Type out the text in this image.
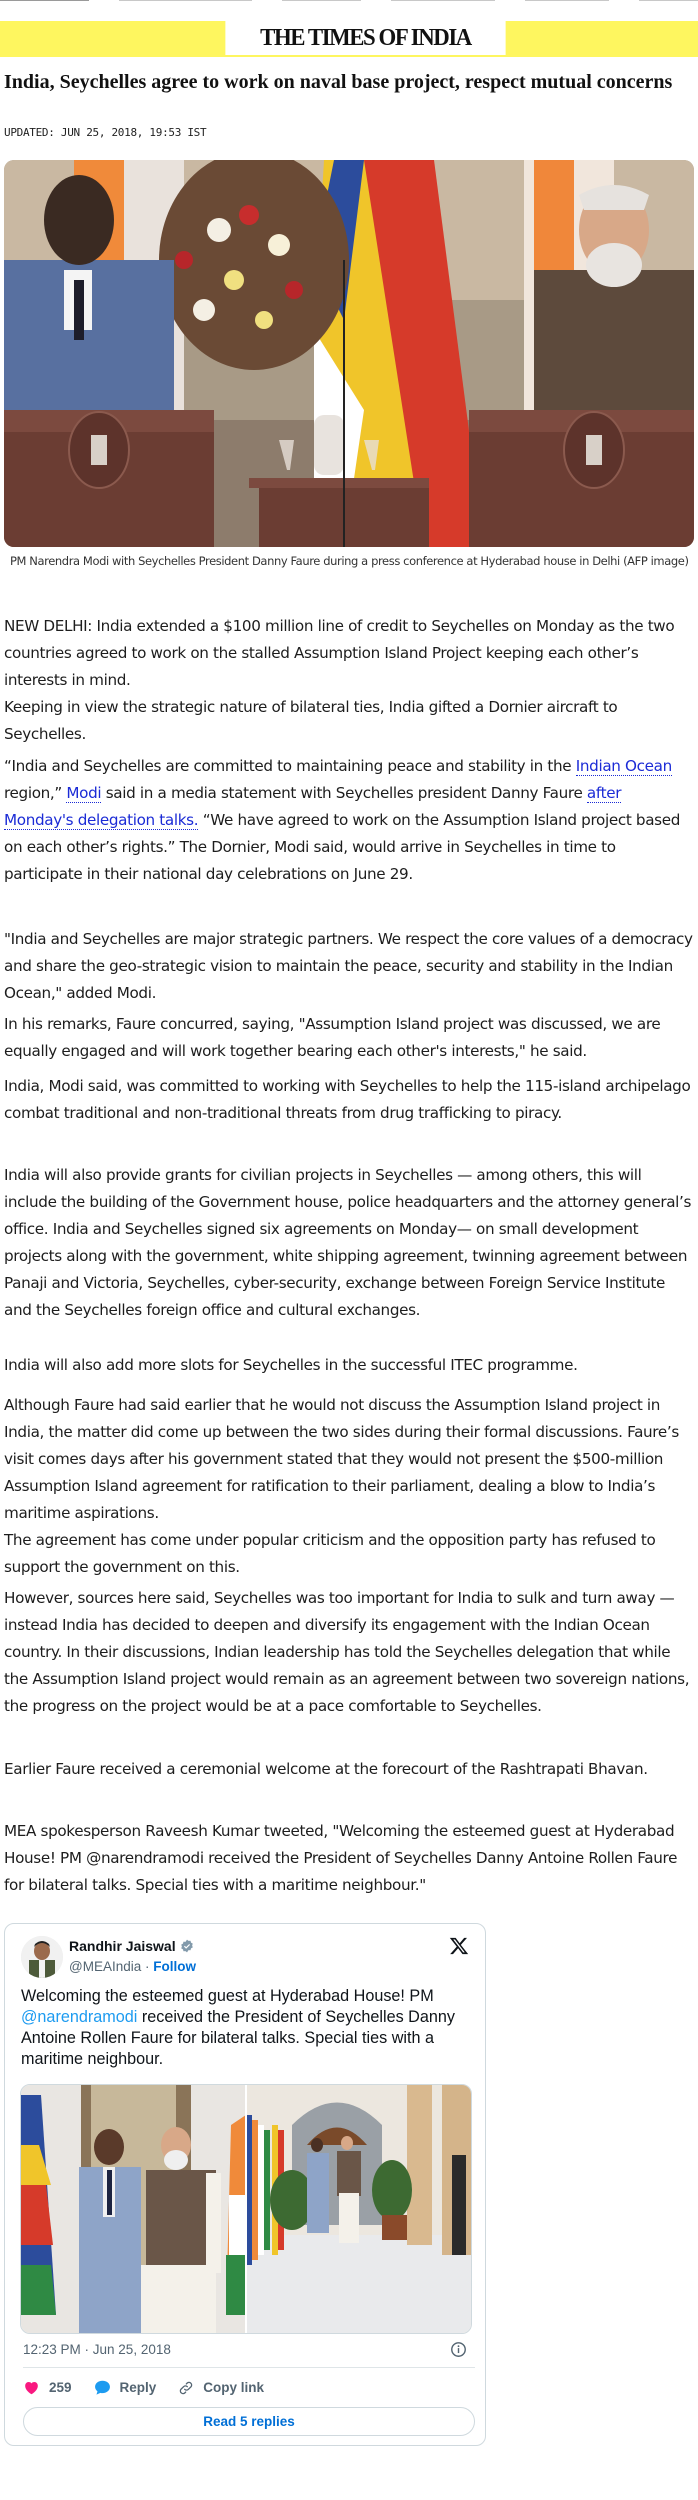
THE TIMES OF INDIA
India, Seychelles agree to work on naval base project, respect mutual concerns
UPDATED: JUN 25, 2018, 19:53 IST
PM Narendra Modi with Seychelles President Danny Faure during a press conference at Hyderabad house in Delhi (AFP image)

NEW DELHI: India extended a $100 million line of credit to Seychelles on Monday as the two countries agreed to work on the stalled Assumption Island Project keeping each other’s interests in mind.

Keeping in view the strategic nature of bilateral ties, India gifted a Dornier aircraft to Seychelles.

“India and Seychelles are committed to maintaining peace and stability in the Indian Ocean region,” Modi said in a media statement with Seychelles president Danny Faure after Monday's delegation talks. “We have agreed to work on the Assumption Island project based on each other’s rights.” The Dornier, Modi said, would arrive in Seychelles in time to participate in their national day celebrations on June 29.

"India and Seychelles are major strategic partners. We respect the core values of a democracy and share the geo-strategic vision to maintain the peace, security and stability in the Indian Ocean," added Modi.

In his remarks, Faure concurred, saying, "Assumption Island project was discussed, we are equally engaged and will work together bearing each other's interests," he said.

India, Modi said, was committed to working with Seychelles to help the 115-island archipelago combat traditional and non-traditional threats from drug trafficking to piracy.

India will also provide grants for civilian projects in Seychelles — among others, this will include the building of the Government house, police headquarters and the attorney general’s office. India and Seychelles signed six agreements on Monday— on small development projects along with the government, white shipping agreement, twinning agreement between Panaji and Victoria, Seychelles, cyber-security, exchange between Foreign Service Institute and the Seychelles foreign office and cultural exchanges.

India will also add more slots for Seychelles in the successful ITEC programme.

Although Faure had said earlier that he would not discuss the Assumption Island project in India, the matter did come up between the two sides during their formal discussions. Faure’s visit comes days after his government stated that they would not present the $500-million Assumption Island agreement for ratification to their parliament, dealing a blow to India’s maritime aspirations.

The agreement has come under popular criticism and the opposition party has refused to support the government on this.

However, sources here said, Seychelles was too important for India to sulk and turn away — instead India has decided to deepen and diversify its engagement with the Indian Ocean country. In their discussions, Indian leadership has told the Seychelles delegation that while the Assumption Island project would remain as an agreement between two sovereign nations, the progress on the project would be at a pace comfortable to Seychelles.

Earlier Faure received a ceremonial welcome at the forecourt of the Rashtrapati Bhavan.

MEA spokesperson Raveesh Kumar tweeted, "Welcoming the esteemed guest at Hyderabad House! PM @narendramodi received the President of Seychelles Danny Antoine Rollen Faure for bilateral talks. Special ties with a maritime neighbour."

Randhir Jaiswal
@MEAIndia · Follow
Welcoming the esteemed guest at Hyderabad House! PM @narendramodi received the President of Seychelles Danny Antoine Rollen Faure for bilateral talks. Special ties with a maritime neighbour.
12:23 PM · Jun 25, 2018
259	Reply	Copy link
Read 5 replies
